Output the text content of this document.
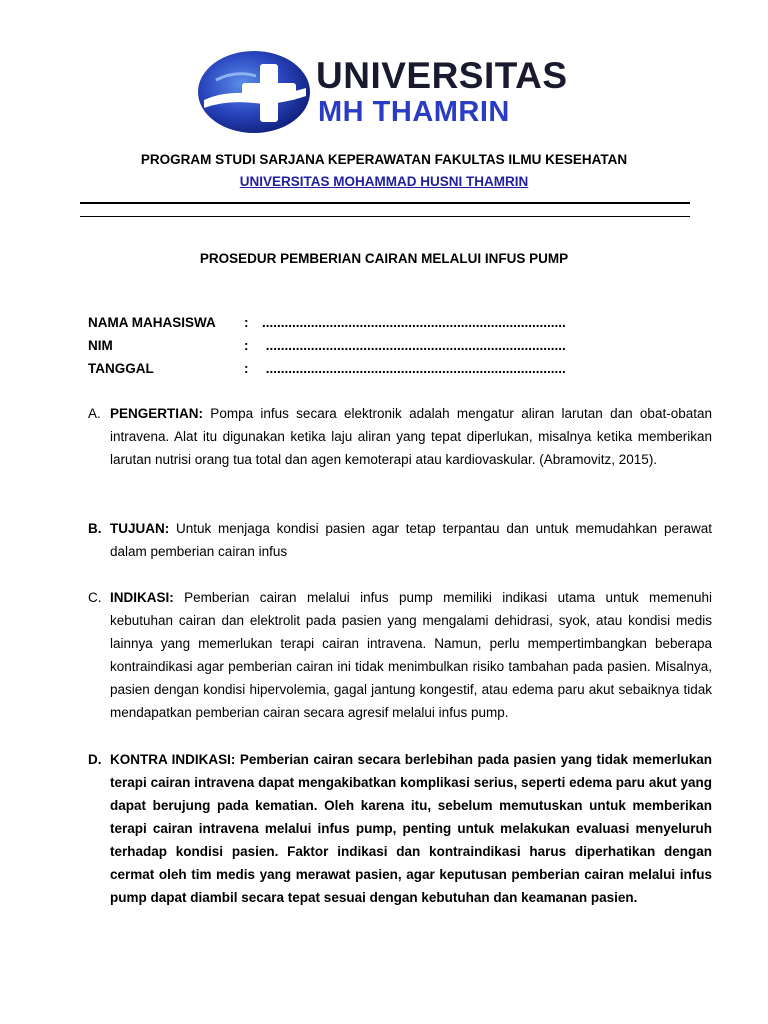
UNIVERSITAS
MH THAMRIN
PROGRAM STUDI SARJANA KEPERAWATAN FAKULTAS ILMU KESEHATAN
UNIVERSITAS MOHAMMAD HUSNI THAMRIN
PROSEDUR PEMBERIAN CAIRAN MELALUI INFUS PUMP
NAMA MAHASISWA : .................................................................................
NIM	: ................................................................................
TANGGAL	: ................................................................................
A. PENGERTIAN: Pompa infus secara elektronik adalah mengatur aliran larutan dan obat-obatan intravena. Alat itu digunakan ketika laju aliran yang tepat diperlukan, misalnya ketika memberikan larutan nutrisi orang tua total dan agen kemoterapi atau kardiovaskular. (Abramovitz, 2015).
B. TUJUAN: Untuk menjaga kondisi pasien agar tetap terpantau dan untuk memudahkan perawat dalam pemberian cairan infus
C. INDIKASI: Pemberian cairan melalui infus pump memiliki indikasi utama untuk memenuhi kebutuhan cairan dan elektrolit pada pasien yang mengalami dehidrasi, syok, atau kondisi medis lainnya yang memerlukan terapi cairan intravena. Namun, perlu mempertimbangkan beberapa kontraindikasi agar pemberian cairan ini tidak menimbulkan risiko tambahan pada pasien. Misalnya, pasien dengan kondisi hipervolemia, gagal jantung kongestif, atau edema paru akut sebaiknya tidak mendapatkan pemberian cairan secara agresif melalui infus pump.
D. KONTRA INDIKASI: Pemberian cairan secara berlebihan pada pasien yang tidak memerlukan terapi cairan intravena dapat mengakibatkan komplikasi serius, seperti edema paru akut yang dapat berujung pada kematian. Oleh karena itu, sebelum memutuskan untuk memberikan terapi cairan intravena melalui infus pump, penting untuk melakukan evaluasi menyeluruh terhadap kondisi pasien. Faktor indikasi dan kontraindikasi harus diperhatikan dengan cermat oleh tim medis yang merawat pasien, agar keputusan pemberian cairan melalui infus pump dapat diambil secara tepat sesuai dengan kebutuhan dan keamanan pasien.
